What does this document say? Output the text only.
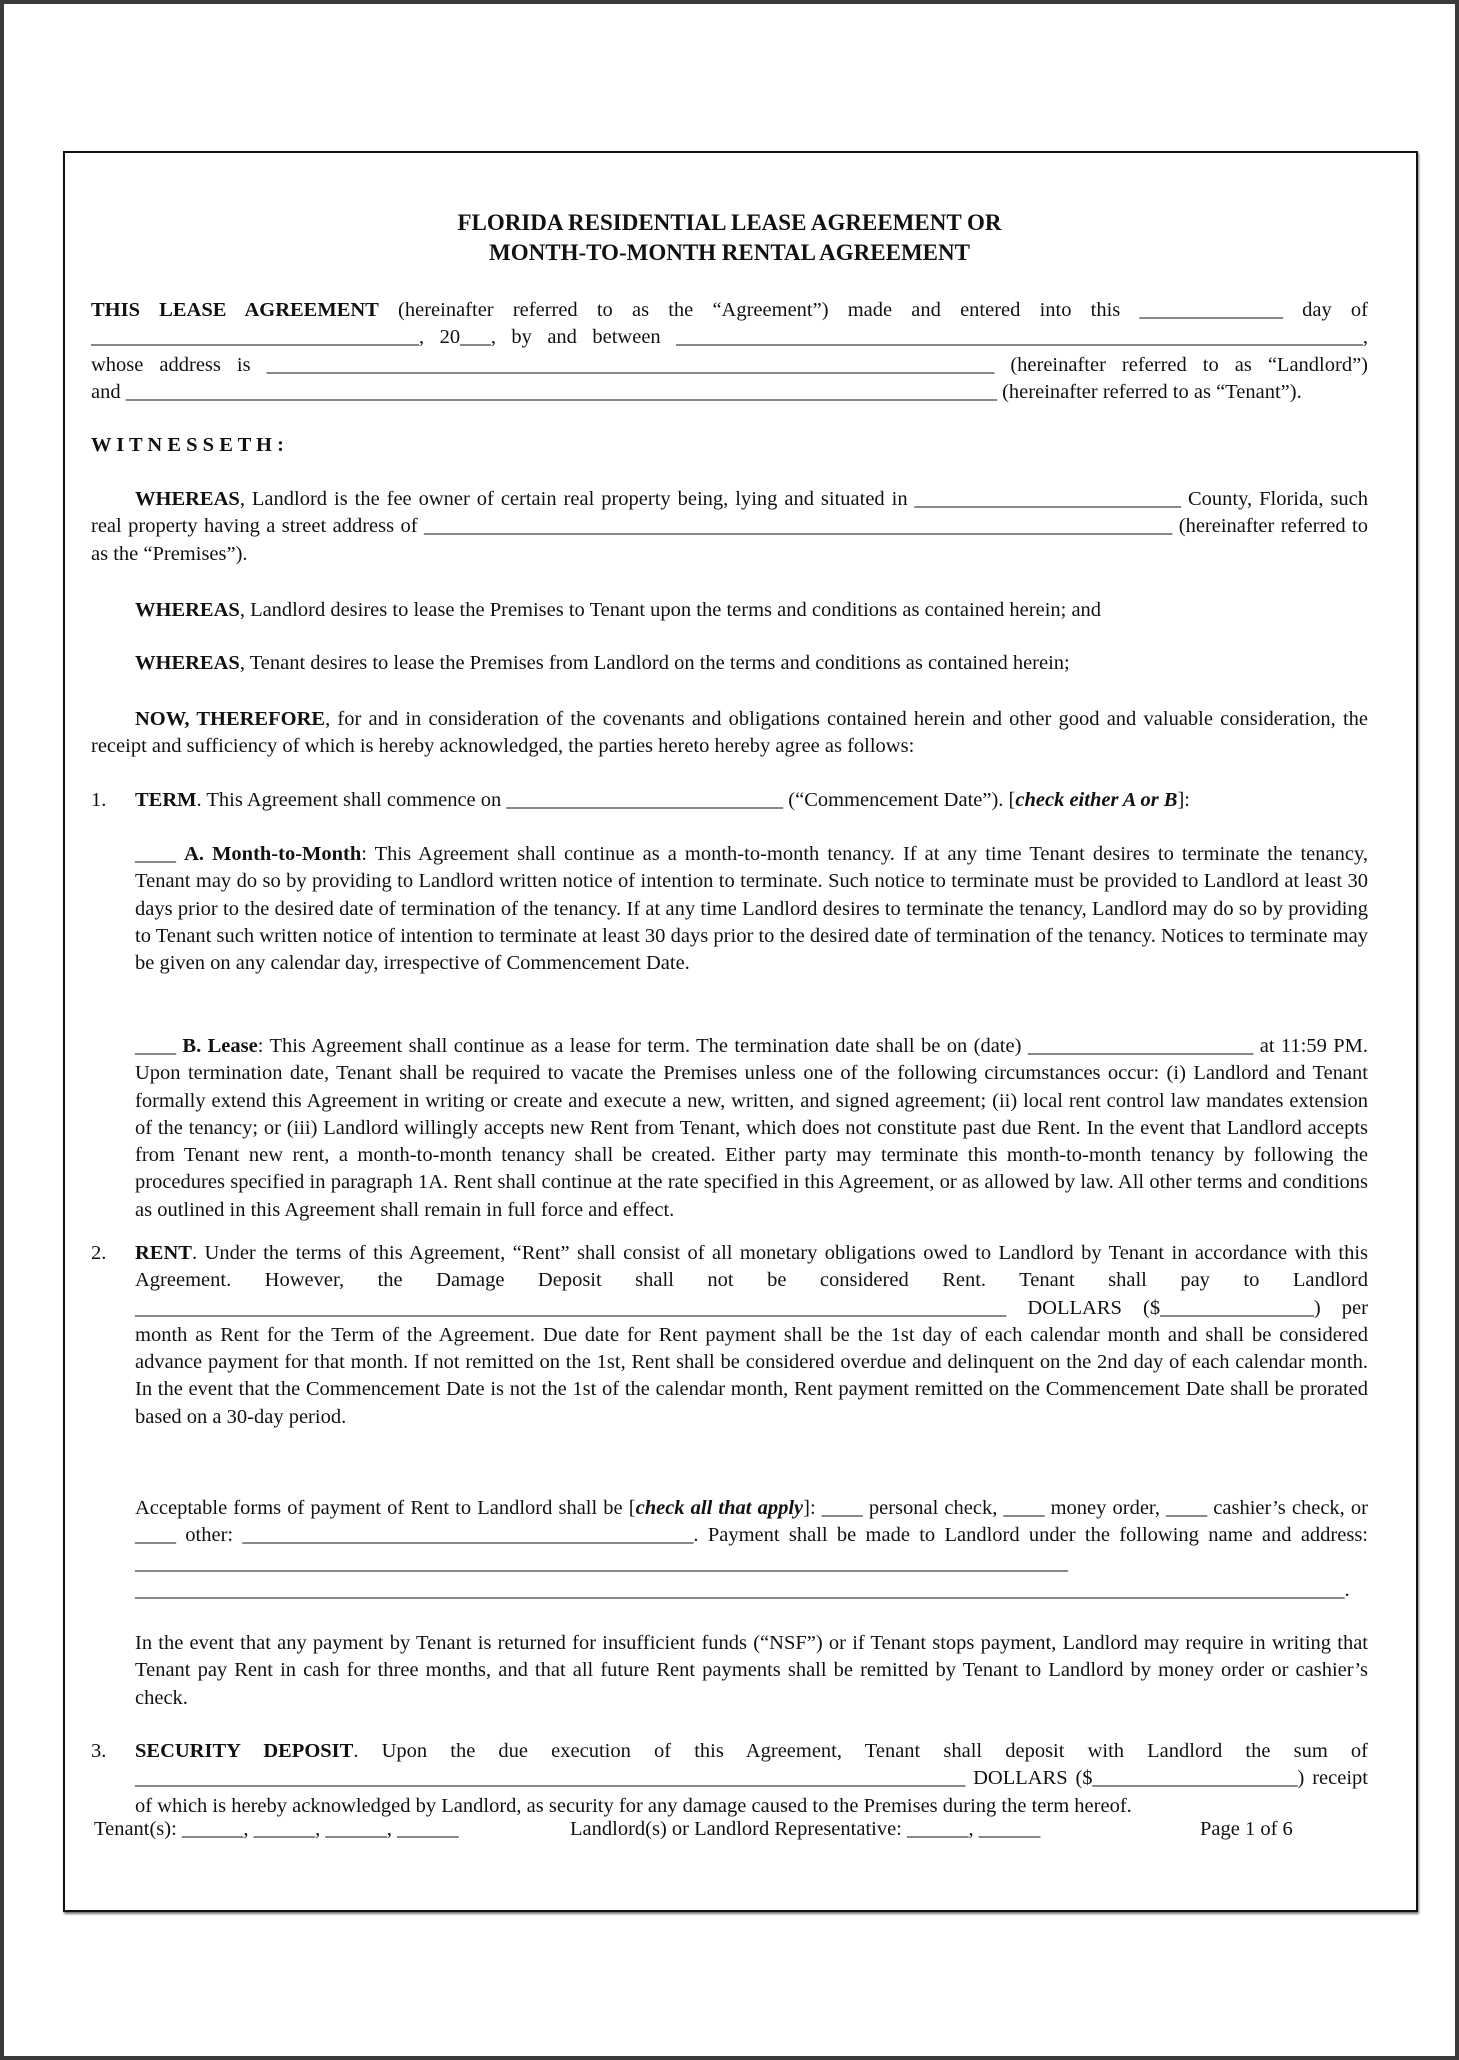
FLORIDA RESIDENTIAL LEASE AGREEMENT OR
MONTH-TO-MONTH RENTAL AGREEMENT
THIS LEASE AGREEMENT (hereinafter referred to as the “Agreement”) made and entered into this ______________ day of
________________________________, 20___, by and between ___________________________________________________________________,
whose address is _______________________________________________________________________ (hereinafter referred to as “Landlord”)
and _____________________________________________________________________________________ (hereinafter referred to as “Tenant”).
W I T N E S S E T H :
WHEREAS, Landlord is the fee owner of certain real property being, lying and situated in __________________________ County, Florida, such real property having a street address of _________________________________________________________________________ (hereinafter referred to as the “Premises”).
WHEREAS, Landlord desires to lease the Premises to Tenant upon the terms and conditions as contained herein; and
WHEREAS, Tenant desires to lease the Premises from Landlord on the terms and conditions as contained herein;
NOW, THEREFORE, for and in consideration of the covenants and obligations contained herein and other good and valuable consideration, the receipt and sufficiency of which is hereby acknowledged, the parties hereto hereby agree as follows:
1. TERM. This Agreement shall commence on ___________________________ (“Commencement Date”). [check either A or B]:
____ A. Month-to-Month: This Agreement shall continue as a month-to-month tenancy. If at any time Tenant desires to terminate the tenancy, Tenant may do so by providing to Landlord written notice of intention to terminate. Such notice to terminate must be provided to Landlord at least 30 days prior to the desired date of termination of the tenancy. If at any time Landlord desires to terminate the tenancy, Landlord may do so by providing to Tenant such written notice of intention to terminate at least 30 days prior to the desired date of termination of the tenancy. Notices to terminate may be given on any calendar day, irrespective of Commencement Date.
____ B. Lease: This Agreement shall continue as a lease for term. The termination date shall be on (date) ______________________ at 11:59 PM. Upon termination date, Tenant shall be required to vacate the Premises unless one of the following circumstances occur: (i) Landlord and Tenant formally extend this Agreement in writing or create and execute a new, written, and signed agreement; (ii) local rent control law mandates extension of the tenancy; or (iii) Landlord willingly accepts new Rent from Tenant, which does not constitute past due Rent. In the event that Landlord accepts from Tenant new rent, a month-to-month tenancy shall be created. Either party may terminate this month-to-month tenancy by following the procedures specified in paragraph 1A. Rent shall continue at the rate specified in this Agreement, or as allowed by law. All other terms and conditions as outlined in this Agreement shall remain in full force and effect.
2. RENT. Under the terms of this Agreement, “Rent” shall consist of all monetary obligations owed to Landlord by Tenant in accordance with this Agreement. However, the Damage Deposit shall not be considered Rent. Tenant shall pay to Landlord _____________________________________________________________________________________ DOLLARS ($_______________) per month as Rent for the Term of the Agreement. Due date for Rent payment shall be the 1st day of each calendar month and shall be considered advance payment for that month. If not remitted on the 1st, Rent shall be considered overdue and delinquent on the 2nd day of each calendar month. In the event that the Commencement Date is not the 1st of the calendar month, Rent payment remitted on the Commencement Date shall be prorated based on a 30-day period.
Acceptable forms of payment of Rent to Landlord shall be [check all that apply]: ____ personal check, ____ money order, ____ cashier’s check, or ____ other: ____________________________________________. Payment shall be made to Landlord under the following name and address: ___________________________________________________________________________________________ ______________________________________________________________________________________________________________________.
In the event that any payment by Tenant is returned for insufficient funds (“NSF”) or if Tenant stops payment, Landlord may require in writing that Tenant pay Rent in cash for three months, and that all future Rent payments shall be remitted by Tenant to Landlord by money order or cashier’s check.
3. SECURITY DEPOSIT. Upon the due execution of this Agreement, Tenant shall deposit with Landlord the sum of _________________________________________________________________________________ DOLLARS ($____________________) receipt of which is hereby acknowledged by Landlord, as security for any damage caused to the Premises during the term hereof.
Tenant(s): ______, ______, ______, ______	Landlord(s) or Landlord Representative: ______, ______	Page 1 of 6
